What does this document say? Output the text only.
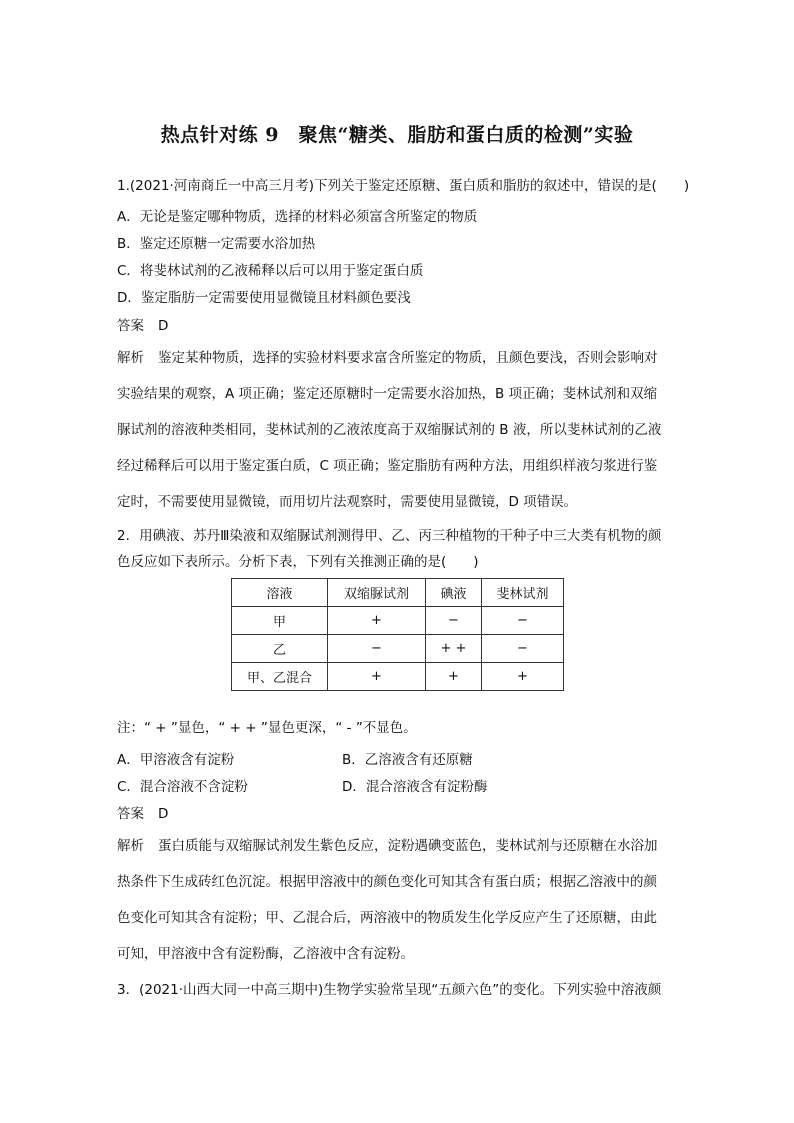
热点针对练 9　聚焦“糖类、脂肪和蛋白质的检测”实验
1.(2021·河南商丘一中高三月考)下列关于鉴定还原糖、蛋白质和脂肪的叙述中，错误的是(　　)
A．无论是鉴定哪种物质，选择的材料必须富含所鉴定的物质
B．鉴定还原糖一定需要水浴加热
C．将斐林试剂的乙液稀释以后可以用于鉴定蛋白质
D．鉴定脂肪一定需要使用显微镜且材料颜色要浅
答案 D
解析 鉴定某种物质，选择的实验材料要求富含所鉴定的物质，且颜色要浅，否则会影响对
实验结果的观察，A 项正确；鉴定还原糖时一定需要水浴加热，B 项正确；斐林试剂和双缩
脲试剂的溶液种类相同，斐林试剂的乙液浓度高于双缩脲试剂的 B 液，所以斐林试剂的乙液
经过稀释后可以用于鉴定蛋白质，C 项正确；鉴定脂肪有两种方法，用组织样液匀浆进行鉴
定时，不需要使用显微镜，而用切片法观察时，需要使用显微镜，D 项错误。
2．用碘液、苏丹Ⅲ染液和双缩脲试剂测得甲、乙、丙三种植物的干种子中三大类有机物的颜
色反应如下表所示。分析下表，下列有关推测正确的是(　　)
溶液	双缩脲试剂	碘液	斐林试剂
甲	+	−	−
乙	−	+ +	−
甲、乙混合	+	+	+
注：“ + ”显色，“ + + ”显色更深，“ - ”不显色。
A．甲溶液含有淀粉	B．乙溶液含有还原糖
C．混合溶液不含淀粉	D．混合溶液含有淀粉酶
答案 D
解析 蛋白质能与双缩脲试剂发生紫色反应，淀粉遇碘变蓝色，斐林试剂与还原糖在水浴加
热条件下生成砖红色沉淀。根据甲溶液中的颜色变化可知其含有蛋白质；根据乙溶液中的颜
色变化可知其含有淀粉；甲、乙混合后，两溶液中的物质发生化学反应产生了还原糖，由此
可知，甲溶液中含有淀粉酶，乙溶液中含有淀粉。
3．(2021·山西大同一中高三期中)生物学实验常呈现“五颜六色”的变化。下列实验中溶液颜
